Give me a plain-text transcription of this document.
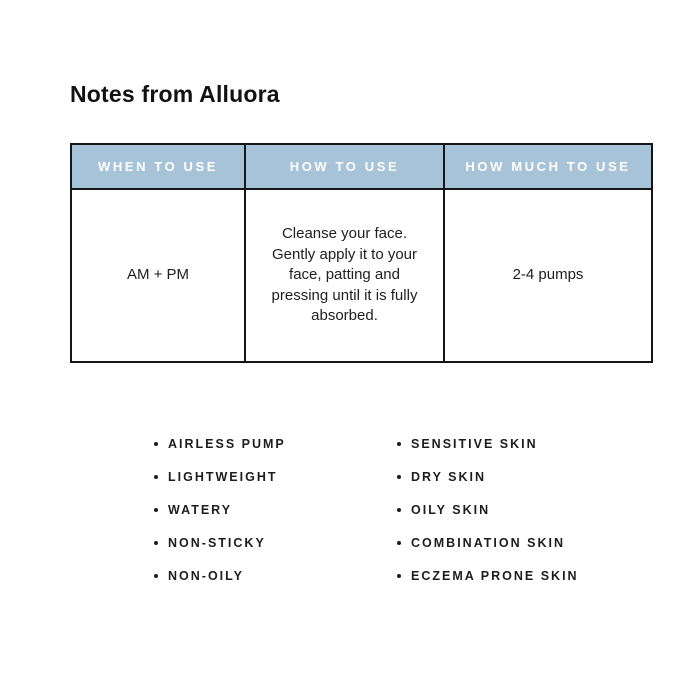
Notes from Alluora
WHEN TO USE	HOW TO USE	HOW MUCH TO USE
AM + PM
Cleanse your face. Gently apply it to your face, patting and pressing until it is fully absorbed.
2-4 pumps
AIRLESS PUMP
LIGHTWEIGHT
WATERY
NON-STICKY
NON-OILY
SENSITIVE SKIN
DRY SKIN
OILY SKIN
COMBINATION SKIN
ECZEMA PRONE SKIN
